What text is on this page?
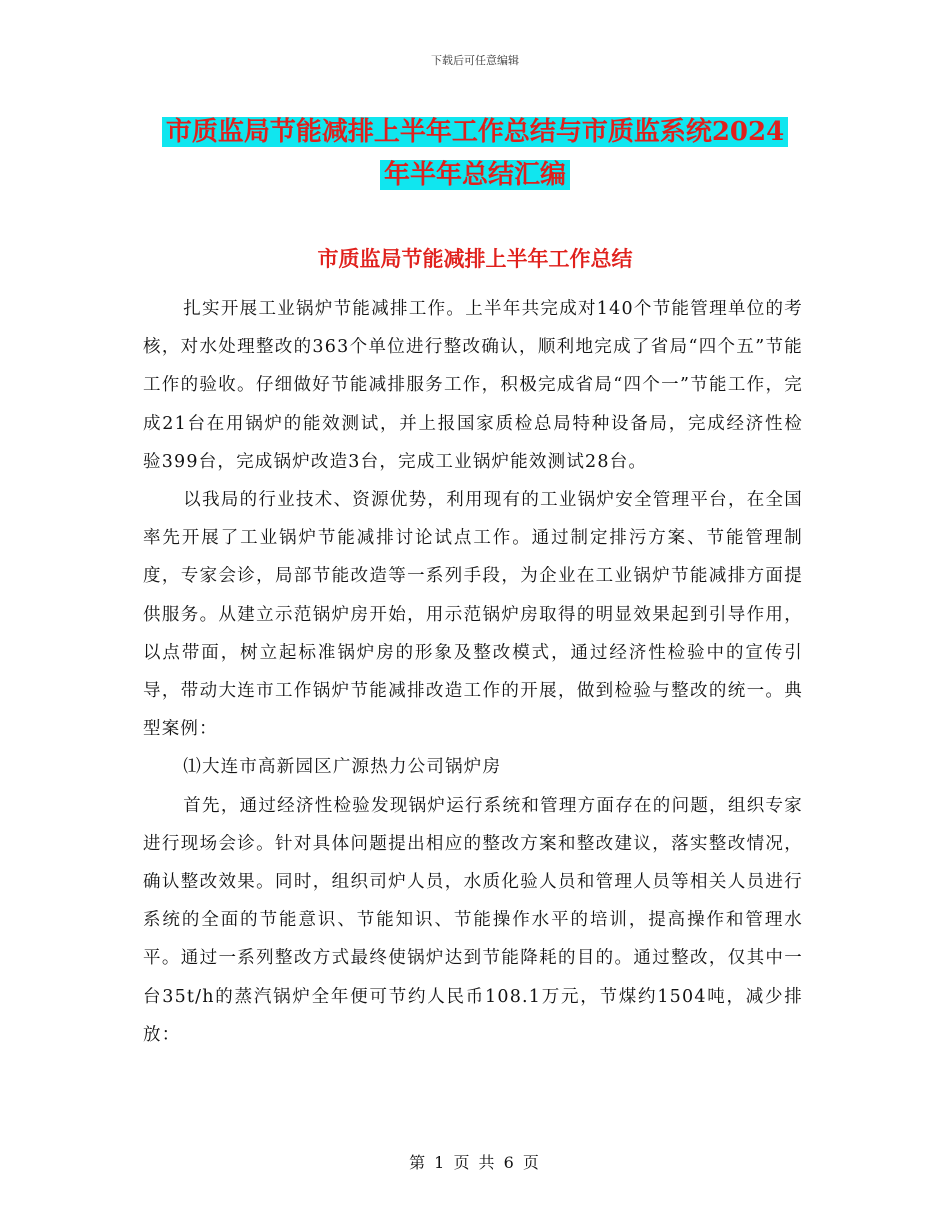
下载后可任意编辑
市质监局节能减排上半年工作总结与市质监系统2024
年半年总结汇编
市质监局节能减排上半年工作总结

扎实开展工业锅炉节能减排工作。上半年共完成对140个节能管理单位的考核，对水处理整改的363个单位进行整改确认，顺利地完成了省局“四个五”节能工作的验收。仔细做好节能减排服务工作，积极完成省局“四个一”节能工作，完成21台在用锅炉的能效测试，并上报国家质检总局特种设备局，完成经济性检验399台，完成锅炉改造3台，完成工业锅炉能效测试28台。

以我局的行业技术、资源优势，利用现有的工业锅炉安全管理平台，在全国率先开展了工业锅炉节能减排讨论试点工作。通过制定排污方案、节能管理制度，专家会诊，局部节能改造等一系列手段，为企业在工业锅炉节能减排方面提供服务。从建立示范锅炉房开始，用示范锅炉房取得的明显效果起到引导作用，以点带面，树立起标准锅炉房的形象及整改模式，通过经济性检验中的宣传引导，带动大连市工作锅炉节能减排改造工作的开展，做到检验与整改的统一。典型案例：

⑴大连市高新园区广源热力公司锅炉房

首先，通过经济性检验发现锅炉运行系统和管理方面存在的问题，组织专家进行现场会诊。针对具体问题提出相应的整改方案和整改建议，落实整改情况，确认整改效果。同时，组织司炉人员，水质化验人员和管理人员等相关人员进行系统的全面的节能意识、节能知识、节能操作水平的培训，提高操作和管理水平。通过一系列整改方式最终使锅炉达到节能降耗的目的。通过整改，仅其中一台35t/h的蒸汽锅炉全年便可节约人民币108.1万元，节煤约1504吨，减少排放：

第 1 页 共 6 页
